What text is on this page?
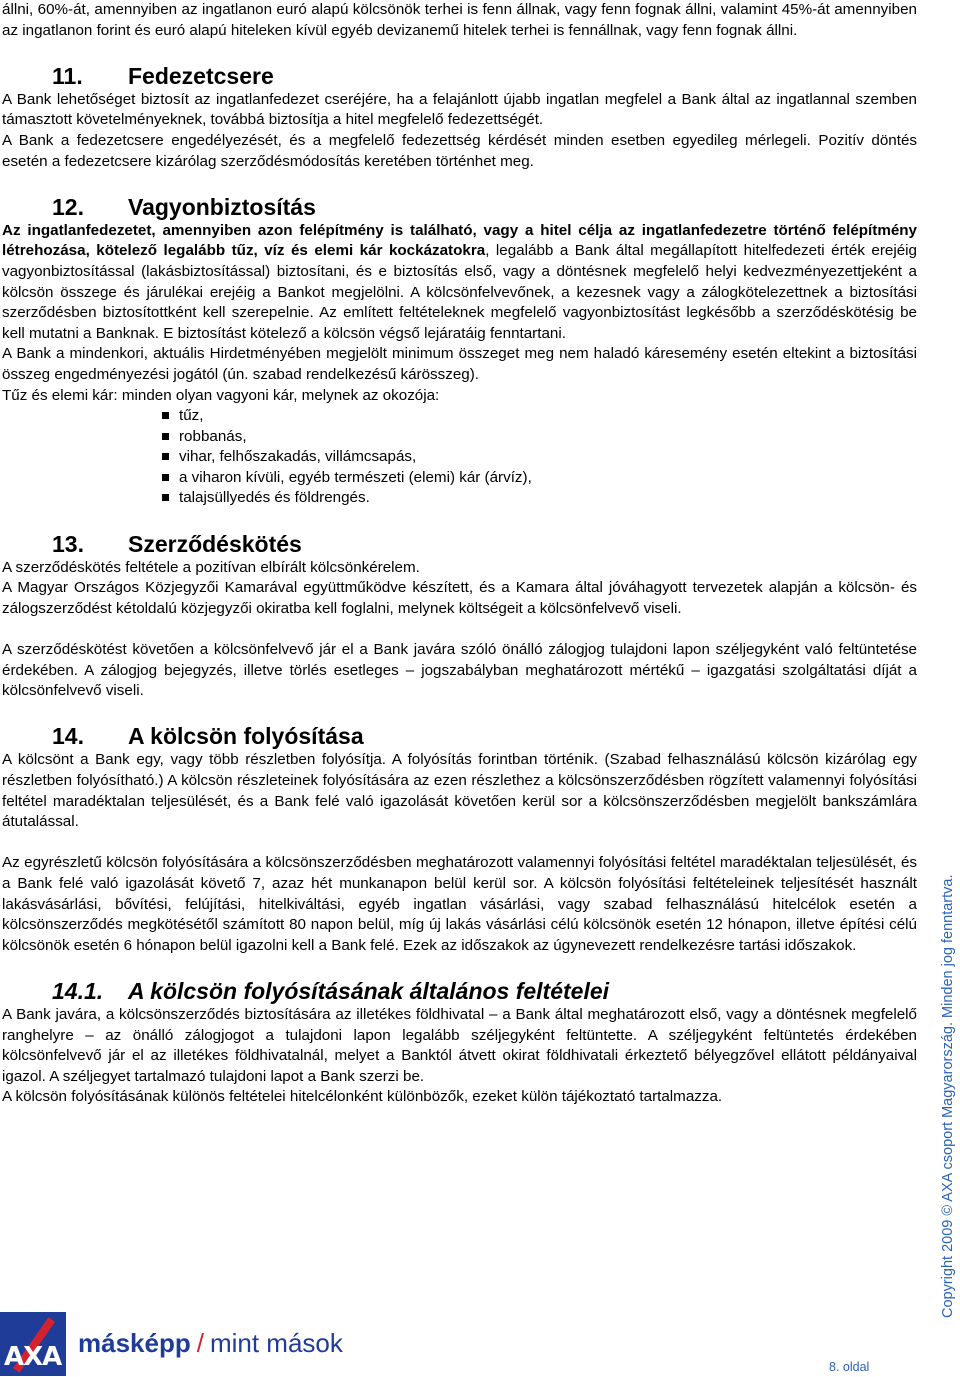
állni, 60%-át, amennyiben az ingatlanon euró alapú kölcsönök terhei is fenn állnak, vagy fenn fognak állni, valamint 45%-át amennyiben az ingatlanon forint és euró alapú hiteleken kívül egyéb devizanemű hitelek terhei is fennállnak, vagy fenn fognak állni.

11.	Fedezetcsere

A Bank lehetőséget biztosít az ingatlanfedezet cseréjére, ha a felajánlott újabb ingatlan megfelel a Bank által az ingatlannal szemben támasztott követelményeknek, továbbá biztosítja a hitel megfelelő fedezettségét.

A Bank a fedezetcsere engedélyezését, és a megfelelő fedezettség kérdését minden esetben egyedileg mérlegeli. Pozitív döntés esetén a fedezetcsere kizárólag szerződésmódosítás keretében történhet meg.

12.	Vagyonbiztosítás

Az ingatlanfedezetet, amennyiben azon felépítmény is található, vagy a hitel célja az ingatlanfedezetre történő felépítmény létrehozása, kötelező legalább tűz, víz és elemi kár kockázatokra, legalább a Bank által megállapított hitelfedezeti érték erejéig vagyonbiztosítással (lakásbiztosítással) biztosítani, és e biztosítás első, vagy a döntésnek megfelelő helyi kedvezményezettjeként a kölcsön összege és járulékai erejéig a Bankot megjelölni. A kölcsönfelvevőnek, a kezesnek vagy a zálogkötelezettnek a biztosítási szerződésben biztosítottként kell szerepelnie. Az említett feltételeknek megfelelő vagyonbiztosítást legkésőbb a szerződéskötésig be kell mutatni a Banknak. E biztosítást kötelező a kölcsön végső lejáratáig fenntartani.

A Bank a mindenkori, aktuális Hirdetményében megjelölt minimum összeget meg nem haladó káresemény esetén eltekint a biztosítási összeg engedményezési jogától (ún. szabad rendelkezésű kárösszeg).

Tűz és elemi kár: minden olyan vagyoni kár, melynek az okozója:

tűz,
robbanás,
vihar, felhőszakadás, villámcsapás,
a viharon kívüli, egyéb természeti (elemi) kár (árvíz),
talajsüllyedés és földrengés.
13.	Szerződéskötés

A szerződéskötés feltétele a pozitívan elbírált kölcsönkérelem.

A Magyar Országos Közjegyzői Kamarával együttműködve készített, és a Kamara által jóváhagyott tervezetek alapján a kölcsön- és zálogszerződést kétoldalú közjegyzői okiratba kell foglalni, melynek költségeit a kölcsönfelvevő viseli.

A szerződéskötést követően a kölcsönfelvevő jár el a Bank javára szóló önálló zálogjog tulajdoni lapon széljegyként való feltüntetése érdekében. A zálogjog bejegyzés, illetve törlés esetleges – jogszabályban meghatározott mértékű – igazgatási szolgáltatási díját a kölcsönfelvevő viseli.

14.	A kölcsön folyósítása

A kölcsönt a Bank egy, vagy több részletben folyósítja. A folyósítás forintban történik. (Szabad felhasználású kölcsön kizárólag egy részletben folyósítható.) A kölcsön részleteinek folyósítására az ezen részlethez a kölcsönszerződésben rögzített valamennyi folyósítási feltétel maradéktalan teljesülését, és a Bank felé való igazolását követően kerül sor a kölcsönszerződésben megjelölt bankszámlára átutalással.

Az egyrészletű kölcsön folyósítására a kölcsönszerződésben meghatározott valamennyi folyósítási feltétel maradéktalan teljesülését, és a Bank felé való igazolását követő 7, azaz hét munkanapon belül kerül sor. A kölcsön folyósítási feltételeinek teljesítését használt lakásvásárlási, bővítési, felújítási, hitelkiváltási, egyéb ingatlan vásárlási, vagy szabad felhasználású hitelcélok esetén a kölcsönszerződés megkötésétől számított 80 napon belül, míg új lakás vásárlási célú kölcsönök esetén 12 hónapon, illetve építési célú kölcsönök esetén 6 hónapon belül igazolni kell a Bank felé. Ezek az időszakok az úgynevezett rendelkezésre tartási időszakok.

14.1.	A kölcsön folyósításának általános feltételei

A Bank javára, a kölcsönszerződés biztosítására az illetékes földhivatal – a Bank által meghatározott első, vagy a döntésnek megfelelő ranghelyre – az önálló zálogjogot a tulajdoni lapon legalább széljegyként feltüntette. A széljegyként feltüntetés érdekében kölcsönfelvevő jár el az illetékes földhivatalnál, melyet a Banktól átvett okirat földhivatali érkeztető bélyegzővel ellátott példányaival igazol. A széljegyet tartalmazó tulajdoni lapot a Bank szerzi be.

A kölcsön folyósításának különös feltételei hitelcélonként különbözők, ezeket külön tájékoztató tartalmazza.	Copyright 2009 © AXA csoport Magyarország. Minden jog fenntartva.
AXA másképp / mint mások
8. oldal
